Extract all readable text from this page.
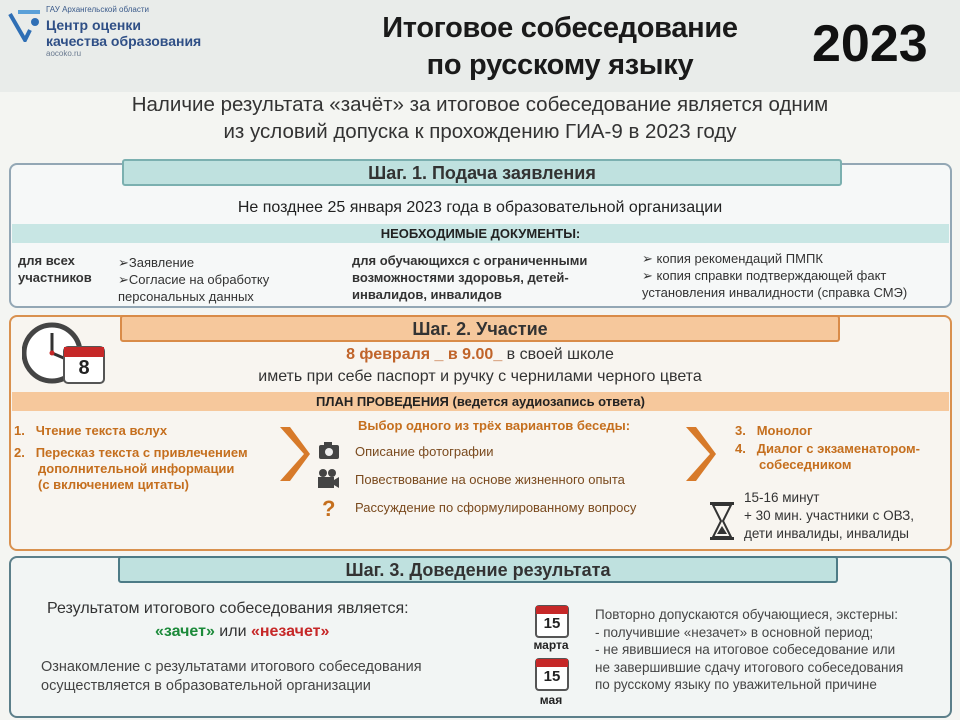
ГАУ Архангельской области
Центр оценки
качества образования
aocoko.ru
Итоговое собеседование
по русскому языку	2023
Наличие результата «зачёт» за итоговое собеседование является одним
из условий допуска к прохождению ГИА-9 в 2023 году
Шаг. 1. Подача заявления
Не позднее 25 января 2023 года в образовательной организации
НЕОБХОДИМЫЕ ДОКУМЕНТЫ:
для всех
участников
➢Заявление
➢Согласие на обработку
персональных данных
для обучающихся с ограниченными
возможностями здоровья, детей-
инвалидов, инвалидов
➢ копия рекомендаций ПМПК
➢ копия справки подтверждающей факт
установления инвалидности (справка СМЭ)
8
Шаг. 2. Участие
8 февраля _ в 9.00_ в своей школе
иметь при себе паспорт и ручку с чернилами черного цвета
ПЛАН ПРОВЕДЕНИЯ (ведется аудиозапись ответа)
1. Чтение текста вслух
2. Пересказ текста с привлечением
дополнительной информации
(с включением цитаты)
Выбор одного из трёх вариантов беседы:
Описание фотографии
Повествование на основе жизненного опыта
? Рассуждение по сформулированному вопросу
3. Монолог
4. Диалог с экзаменатором-
собеседником
15-16 минут
+ 30 мин. участники с ОВЗ,
дети инвалиды, инвалиды
Шаг. 3. Доведение результата
Результатом итогового собеседования является:
«зачет» или «незачет»
Ознакомление с результатами итогового собеседования
осуществляется в образовательной организации
15
марта
15
мая
Повторно допускаются обучающиеся, экстерны:
- получившие «незачет» в основной период;
- не явившиеся на итоговое собеседование или
не завершившие сдачу итогового собеседования
по русскому языку по уважительной причине
